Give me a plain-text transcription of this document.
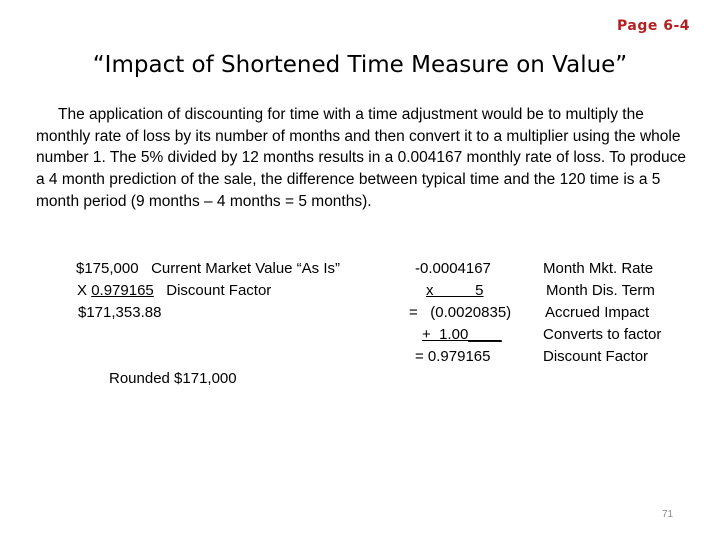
Page 6-4
“Impact of Shortened Time Measure on Value”
The application of discounting for time with a time adjustment would be to multiply the monthly rate of loss by its number of months and then convert it to a multiplier using the whole number 1. The 5% divided by 12 months results in a 0.004167 monthly rate of loss. To produce a 4 month prediction of the sale, the difference between typical time and the 120 time is a 5 month period (9 months – 4 months = 5 months).
$175,000   Current Market Value “As Is”
X 0.979165   Discount Factor
$171,353.88
Rounded $171,000
-0.0004167
x          5
=   (0.0020835)
+  1.00____
= 0.979165
Month Mkt. Rate
Month Dis. Term
Accrued Impact
Converts to factor
Discount Factor
71
